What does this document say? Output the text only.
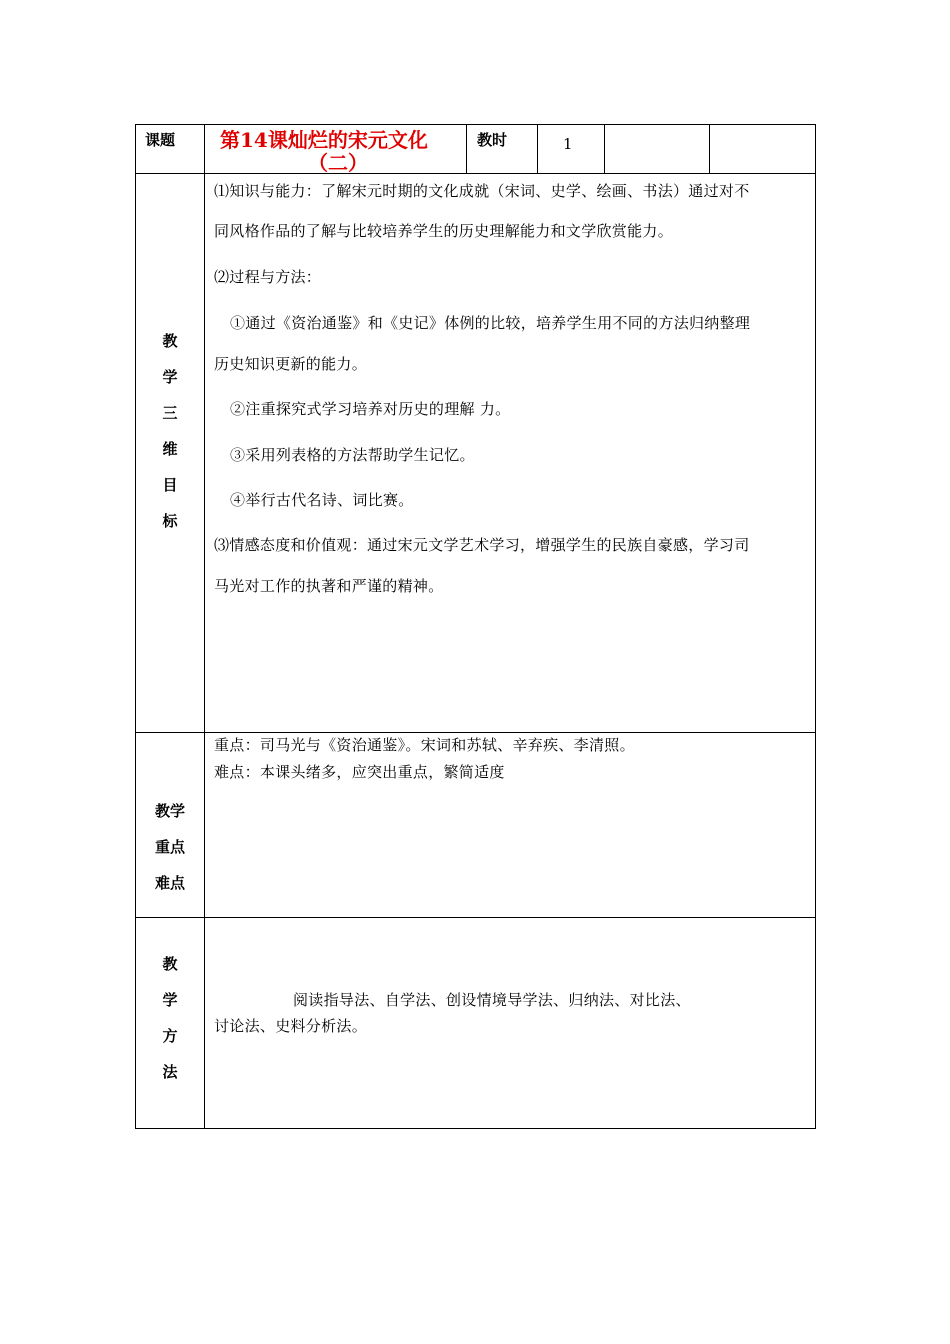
课题 第14课灿烂的宋元文化
（二）
教时	1
教
学
三
维
目
标
⑴知识与能力：了解宋元时期的文化成就（宋词、史学、绘画、书法）通过对不
同风格作品的了解与比较培养学生的历史理解能力和文学欣赏能力。
⑵过程与方法：
①通过《资治通鉴》和《史记》体例的比较，培养学生用不同的方法归纳整理
历史知识更新的能力。
②注重探究式学习培养对历史的理解 力。
③采用列表格的方法帮助学生记忆。
④举行古代名诗、词比赛。
⑶情感态度和价值观：通过宋元文学艺术学习，增强学生的民族自豪感，学习司
马光对工作的执著和严谨的精神。
教学
重点
难点
重点：司马光与《资治通鉴》。宋词和苏轼、辛弃疾、李清照。
难点：本课头绪多，应突出重点，繁简适度
教
学
方
法
阅读指导法、自学法、创设情境导学法、归纳法、对比法、
讨论法、史料分析法。
